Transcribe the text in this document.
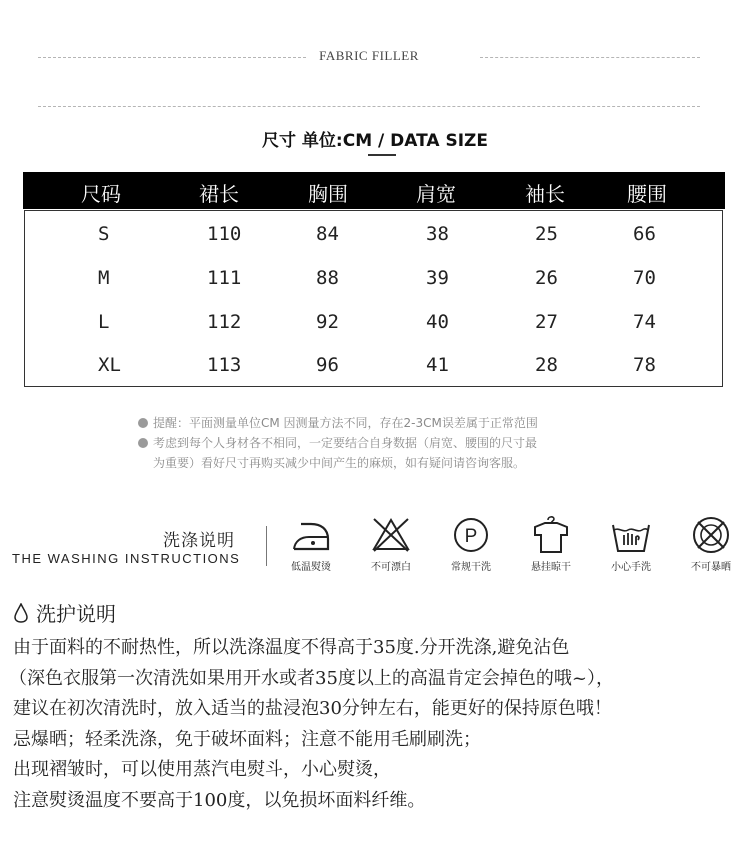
FABRIC FILLER
尺寸 单位:CM / DATA SIZE
尺码	裙长	胸围	肩宽	袖长	腰围
S	110	84	38	25	66
M	111	88	39	26	70
L	112	92	40	27	74
XL	113	96	41	28	78
提醒：平面测量单位CM 因测量方法不同，存在2-3CM误差属于正常范围
考虑到每个人身材各不相同，一定要结合自身数据（肩宽、腰围的尺寸最
为重要）看好尺寸再购买减少中间产生的麻烦，如有疑问请咨询客服。
洗涤说明
THE WASHING INSTRUCTIONS
低温熨烫	不可漂白
P
常规干洗	悬挂晾干	小心手洗	不可暴晒
洗护说明
由于面料的不耐热性，所以洗涤温度不得高于35度.分开洗涤,避免沾色
（深色衣服第一次清洗如果用开水或者35度以上的高温肯定会掉色的哦~），
建议在初次清洗时，放入适当的盐浸泡30分钟左右，能更好的保持原色哦！
忌爆晒；轻柔洗涤，免于破坏面料；注意不能用毛刷刷洗；
出现褶皱时，可以使用蒸汽电熨斗，小心熨烫，
注意熨烫温度不要高于100度，以免损坏面料纤维。
